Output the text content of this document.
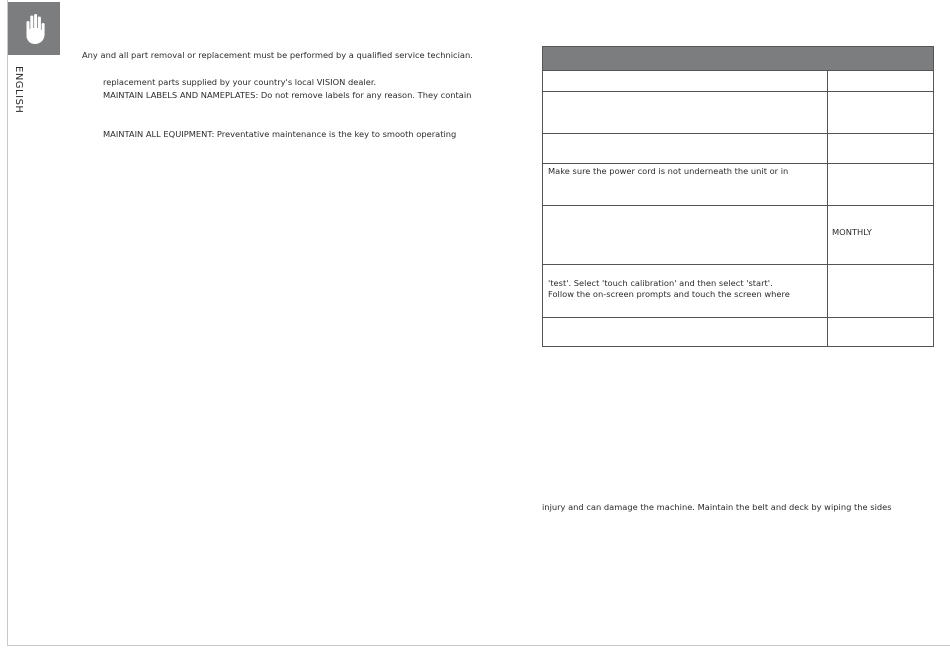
ENGLISH
Any and all part removal or replacement must be performed by a qualified service technician.
replacement parts supplied by your country's local VISION dealer.
MAINTAIN LABELS AND NAMEPLATES: Do not remove labels for any reason. They contain
MAINTAIN ALL EQUIPMENT: Preventative maintenance is the key to smooth operating
Make sure the power cord is not underneath the unit or in
MONTHLY
'test'. Select 'touch calibration' and then select 'start'.
Follow the on-screen prompts and touch the screen where
injury and can damage the machine. Maintain the belt and deck by wiping the sides
